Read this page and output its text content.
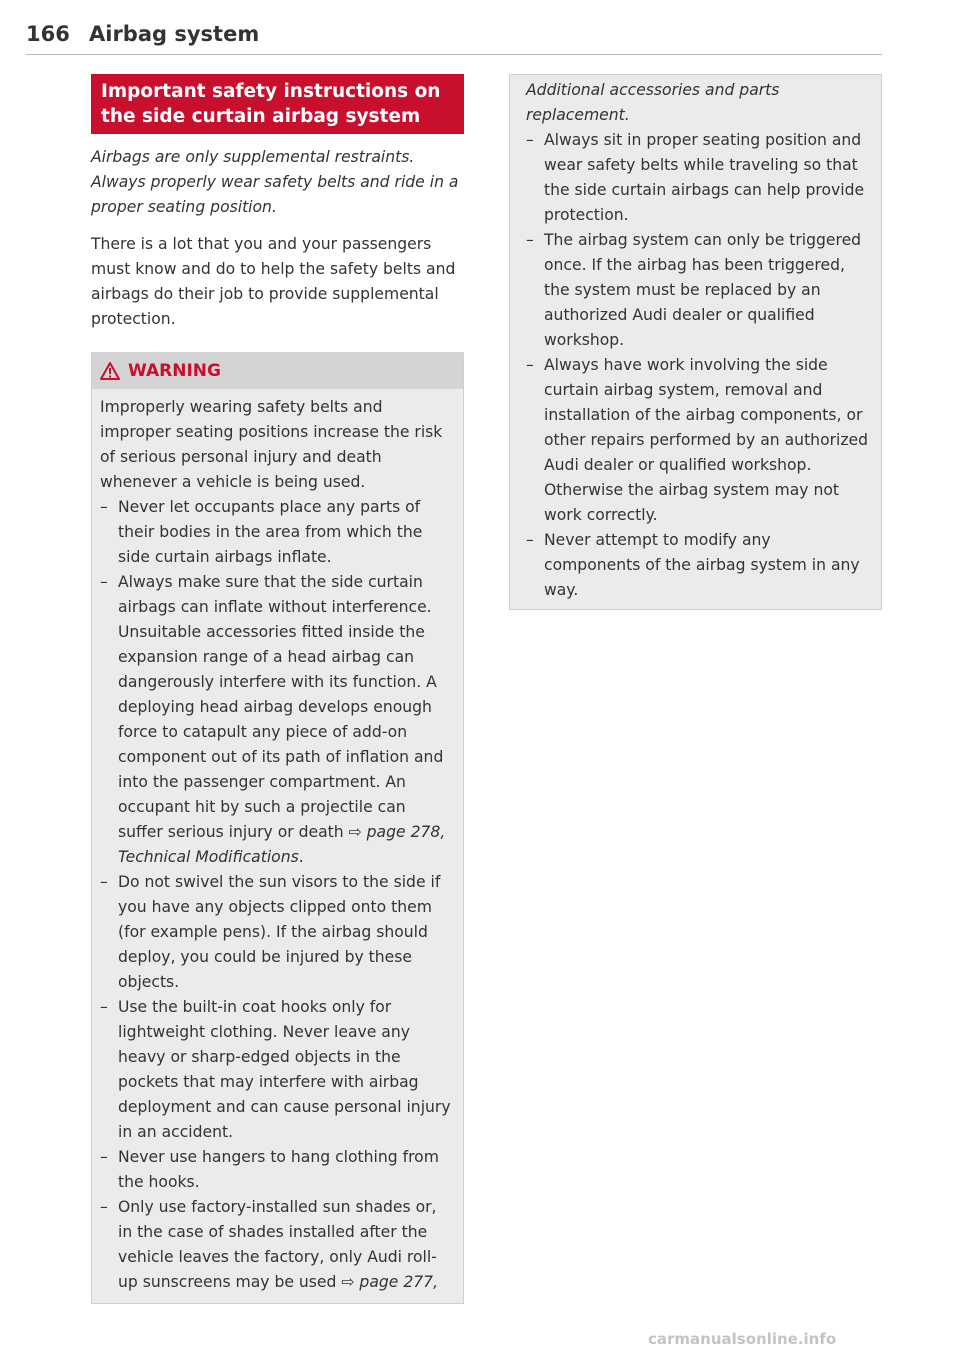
166 Airbag system
Important safety instructions on the side curtain airbag system

Airbags are only supplemental restraints. Always properly wear safety belts and ride in a proper seating position.

There is a lot that you and your passengers must know and do to help the safety belts and airbags do their job to provide supplemental protection.

WARNING

Improperly wearing safety belts and improper seating positions increase the risk of serious personal injury and death whenever a vehicle is being used.

– Never let occupants place any parts of their bodies in the area from which the side curtain airbags inflate.
– Always make sure that the side curtain airbags can inflate without interference. Unsuitable accessories fitted inside the expansion range of a head airbag can dangerously interfere with its function. A deploying head airbag develops enough force to catapult any piece of add-on component out of its path of inflation and into the passenger compartment. An occupant hit by such a projectile can suffer serious injury or death ⇨ page 278, Technical Modifications.
– Do not swivel the sun visors to the side if you have any objects clipped onto them (for example pens). If the airbag should deploy, you could be injured by these objects.
– Use the built-in coat hooks only for lightweight clothing. Never leave any heavy or sharp-edged objects in the pockets that may interfere with airbag deployment and can cause personal injury in an accident.
– Never use hangers to hang clothing from the hooks.
– Only use factory-installed sun shades or, in the case of shades installed after the vehicle leaves the factory, only Audi roll-up sunscreens may be used ⇨ page 277,

Additional accessories and parts replacement.

– Always sit in proper seating position and wear safety belts while traveling so that the side curtain airbags can help provide protection.
– The airbag system can only be triggered once. If the airbag has been triggered, the system must be replaced by an authorized Audi dealer or qualified workshop.
– Always have work involving the side curtain airbag system, removal and installation of the airbag components, or other repairs performed by an authorized Audi dealer or qualified workshop. Otherwise the airbag system may not work correctly.
– Never attempt to modify any components of the airbag system in any way.
carmanualsonline.info
